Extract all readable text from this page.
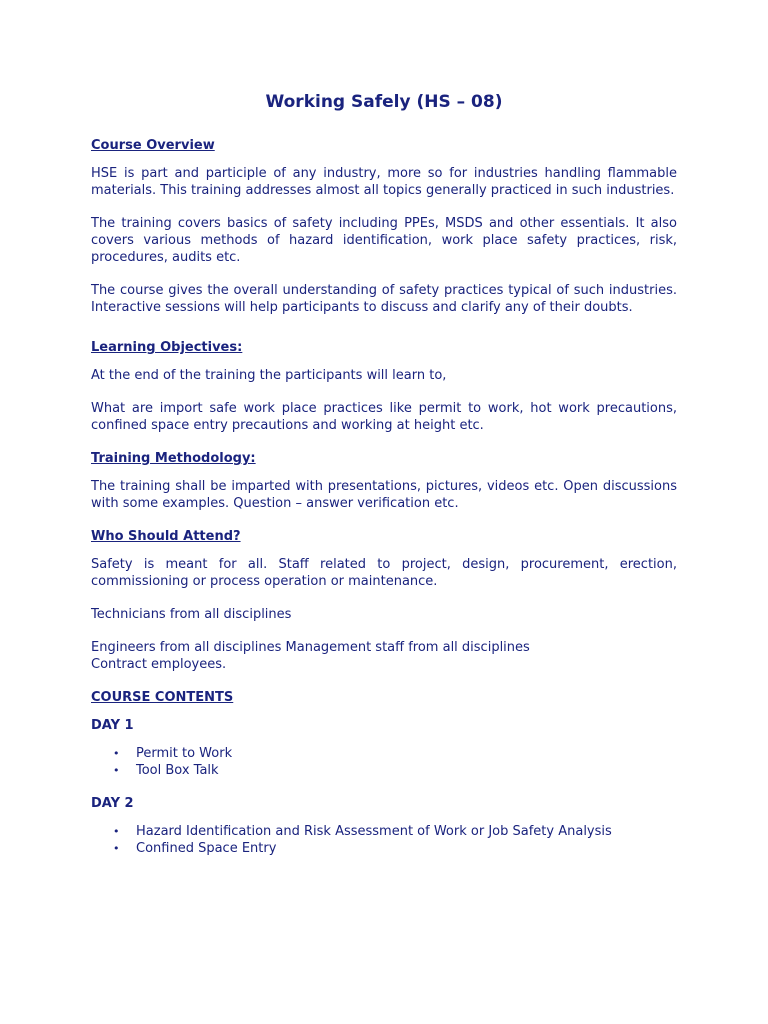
Working Safely (HS – 08)
Course Overview

HSE is part and participle of any industry, more so for industries handling flammable materials. This training addresses almost all topics generally practiced in such industries.

The training covers basics of safety including PPEs, MSDS and other essentials. It also covers various methods of hazard identification, work place safety practices, risk, procedures, audits etc.

The course gives the overall understanding of safety practices typical of such industries. Interactive sessions will help participants to discuss and clarify any of their doubts.

Learning Objectives:

At the end of the training the participants will learn to,

What are import safe work place practices like permit to work, hot work precautions, confined space entry precautions and working at height etc.

Training Methodology:

The training shall be imparted with presentations, pictures, videos etc. Open discussions with some examples. Question – answer verification etc.

Who Should Attend?

Safety is meant for all. Staff related to project, design, procurement, erection, commissioning or process operation or maintenance.

Technicians from all disciplines

Engineers from all disciplines Management staff from all disciplines

Contract employees.

COURSE CONTENTS
DAY 1
• Permit to Work
• Tool Box Talk
DAY 2
• Hazard Identification and Risk Assessment of Work or Job Safety Analysis
• Confined Space Entry
